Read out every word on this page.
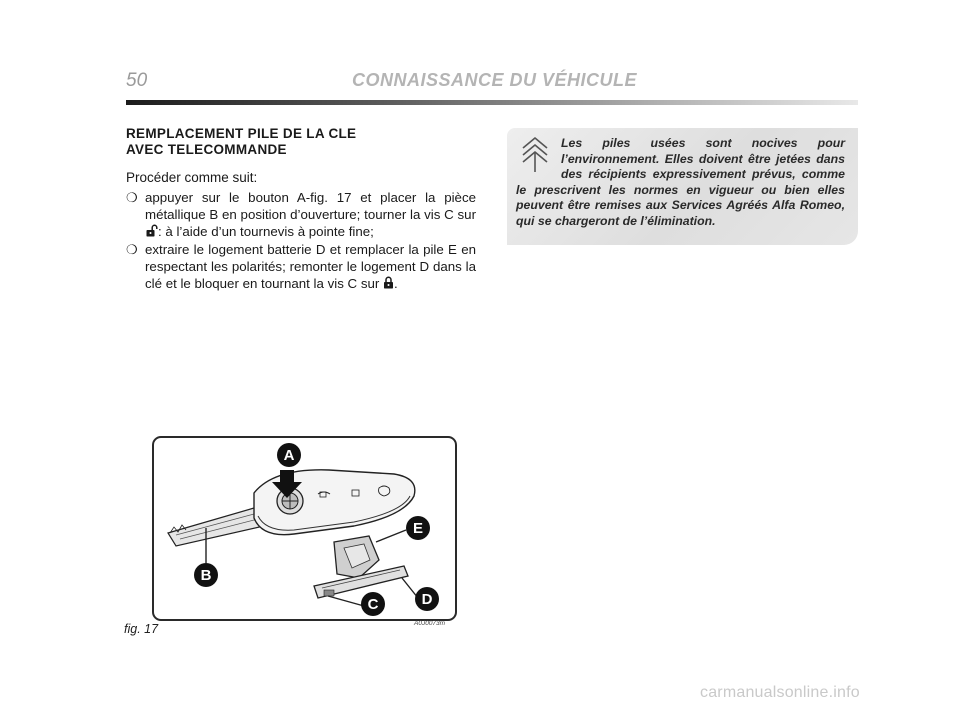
50	CONNAISSANCE DU VÉHICULE
REMPLACEMENT PILE DE LA CLE
AVEC TELECOMMANDE
Procéder comme suit:
❍ appuyer sur le bouton A-fig. 17 et placer la pièce métallique B en position d’ouverture; tourner la vis C sur : à l’aide d’un tournevis à pointe fine;
❍ extraire le logement batterie D et remplacer la pile E en respectant les polarités; remonter le logement D dans la clé et le bloquer en tournant la vis C sur .
Les piles usées sont nocives pour l’environnement. Elles doivent être jetées dans des récipients expressivement prévus, comme le prescrivent les normes en vigueur ou bien elles peuvent être remises aux Services Agréés Alfa Romeo, qui se chargeront de l’élimination.
A
B
C	D
E
fig. 17	A0J0073m
carmanualsonline.info
